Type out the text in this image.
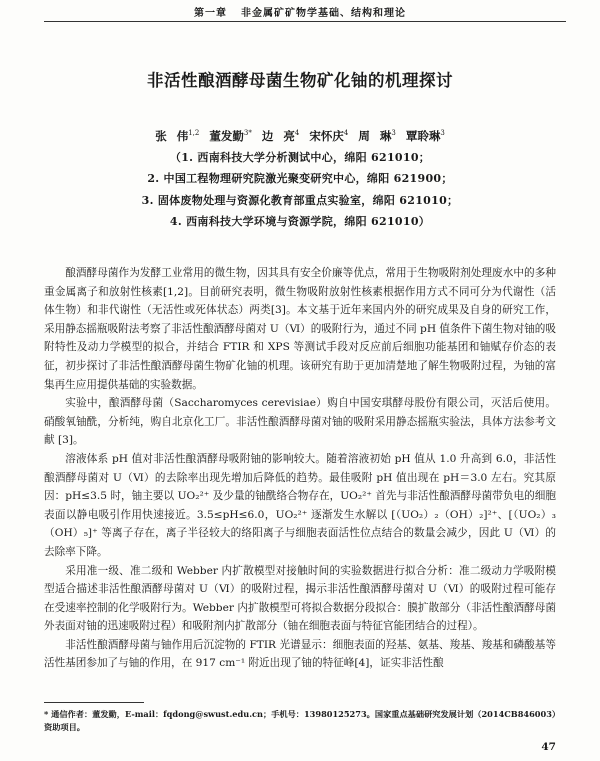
第一章 非金属矿矿物学基础、结构和理论
非活性酿酒酵母菌生物矿化铀的机理探讨
张 伟$^{1,2}$ 董发勤$^{3*}$ 边 亮$^4$ 宋怀庆$^4$ 周 琳$^3$ 覃聆琳$^3$
（1. 西南科技大学分析测试中心，绵阳 621010；
2. 中国工程物理研究院激光聚变研究中心，绵阳 621900；
3. 固体废物处理与资源化教育部重点实验室，绵阳 621010；
4. 西南科技大学环境与资源学院，绵阳 621010）

酿酒酵母菌作为发酵工业常用的微生物，因其具有安全价廉等优点，常用于生物吸附剂处理废水中的多种重金属离子和放射性核素[1,2]。目前研究表明，微生物吸附放射性核素根据作用方式不同可分为代谢性（活体生物）和非代谢性（无活性或死体状态）两类[3]。本文基于近年来国内外的研究成果及自身的研究工作，采用静态摇瓶吸附法考察了非活性酿酒酵母菌对 U（Ⅵ）的吸附行为，通过不同 pH 值条件下菌生物对铀的吸附特性及动力学模型的拟合，并结合 FTIR 和 XPS 等测试手段对反应前后细胞功能基团和铀赋存价态的表征，初步探讨了非活性酿酒酵母菌生物矿化铀的机理。该研究有助于更加清楚地了解生物吸附过程，为铀的富集再生应用提供基础的实验数据。

实验中，酿酒酵母菌（Saccharomyces cerevisiae）购自中国安琪酵母股份有限公司，灭活后使用。硝酸氧铀酰，分析纯，购自北京化工厂。非活性酿酒酵母菌对铀的吸附采用静态摇瓶实验法，具体方法参考文献 [3]。

溶液体系 pH 值对非活性酿酒酵母吸附铀的影响较大。随着溶液初始 pH 值从 1.0 升高到 6.0，非活性酿酒酵母菌对 U（Ⅵ）的去除率出现先增加后降低的趋势。最佳吸附 pH 值出现在 pH＝3.0 左右。究其原因：pH≤3.5 时，铀主要以 UO₂²⁺ 及少量的铀酰络合物存在，UO₂²⁺ 首先与非活性酿酒酵母菌带负电的细胞表面以静电吸引作用快速接近。3.5≤pH≤6.0，UO₂²⁺ 逐渐发生水解以 [（UO₂）₂（OH）₂]²⁺、[（UO₂）₃（OH）₅]⁺ 等离子存在，离子半径较大的络阳离子与细胞表面活性位点结合的数量会减少，因此 U（Ⅵ）的去除率下降。

采用准一级、准二级和 Webber 内扩散模型对接触时间的实验数据进行拟合分析：准二级动力学吸附模型适合描述非活性酿酒酵母菌对 U（Ⅵ）的吸附过程，揭示非活性酿酒酵母菌对 U（Ⅵ）的吸附过程可能存在受速率控制的化学吸附行为。Webber 内扩散模型可将拟合数据分段拟合：膜扩散部分（非活性酿酒酵母菌外表面对铀的迅速吸附过程）和吸附剂内扩散部分（铀在细胞表面与特征官能团结合的过程）。

非活性酿酒酵母菌与铀作用后沉淀物的 FTIR 光谱显示：细胞表面的羟基、氨基、羧基、羧基和磷酸基等活性基团参加了与铀的作用，在 917 cm⁻¹ 附近出现了铀的特征峰[4]，证实非活性酿

* 通信作者：董发勤，E-mail：fqdong@swust.edu.cn；手机号：13980125273。国家重点基础研究发展计划（2014CB846003）资助项目。
47
